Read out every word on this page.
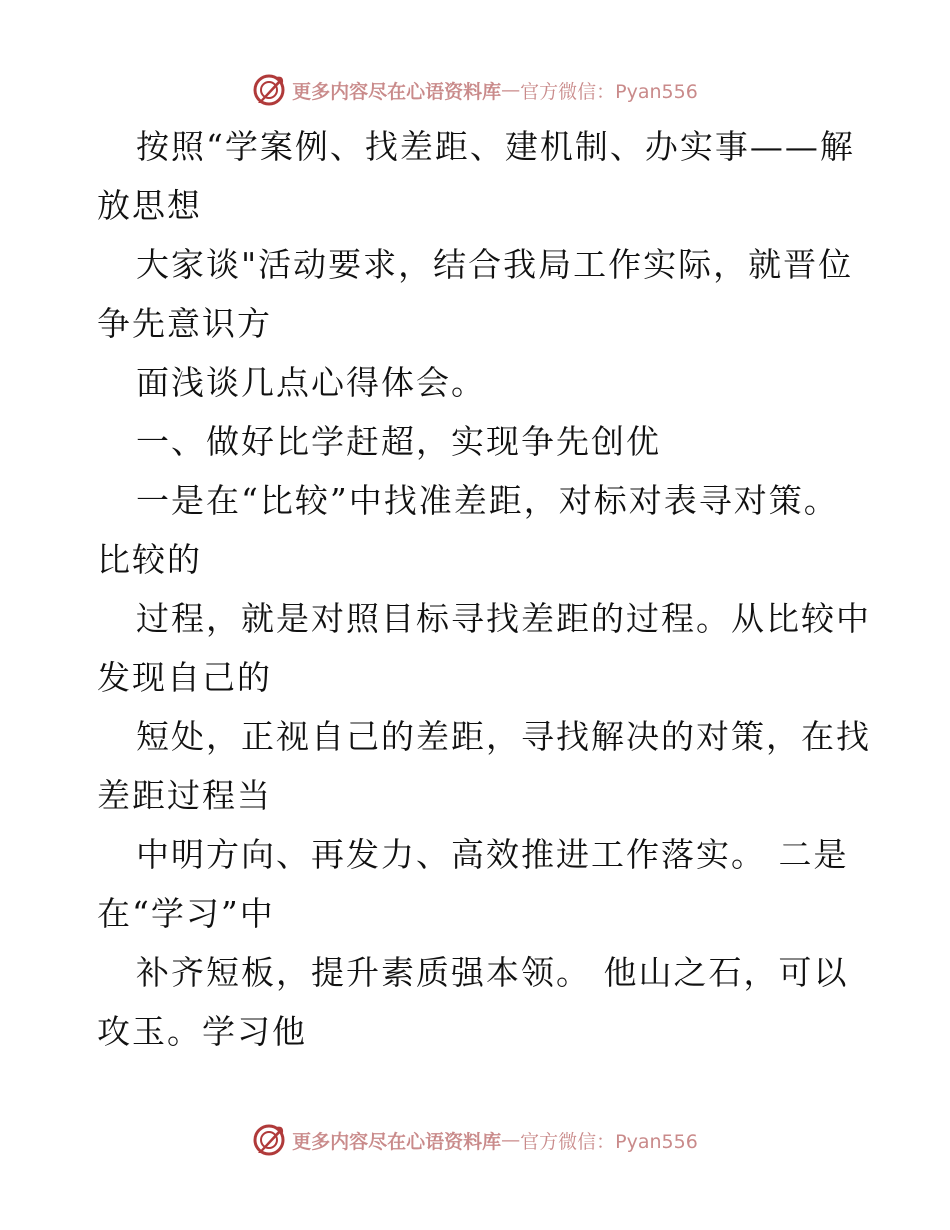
更多内容尽在心语资料库 — 官方微信：Pyan556
按照“学案例、找差距、建机制、办实事——解
放思想
大家谈"活动要求，结合我局工作实际，就晋位
争先意识方
面浅谈几点心得体会。
一、做好比学赶超，实现争先创优
一是在“比较”中找准差距，对标对表寻对策。
比较的
过程，就是对照目标寻找差距的过程。从比较中
发现自己的
短处，正视自己的差距，寻找解决的对策，在找
差距过程当
中明方向、再发力、高效推进工作落实。 二是
在“学习”中
补齐短板，提升素质强本领。 他山之石，可以
攻玉。学习他
更多内容尽在心语资料库 — 官方微信：Pyan556
